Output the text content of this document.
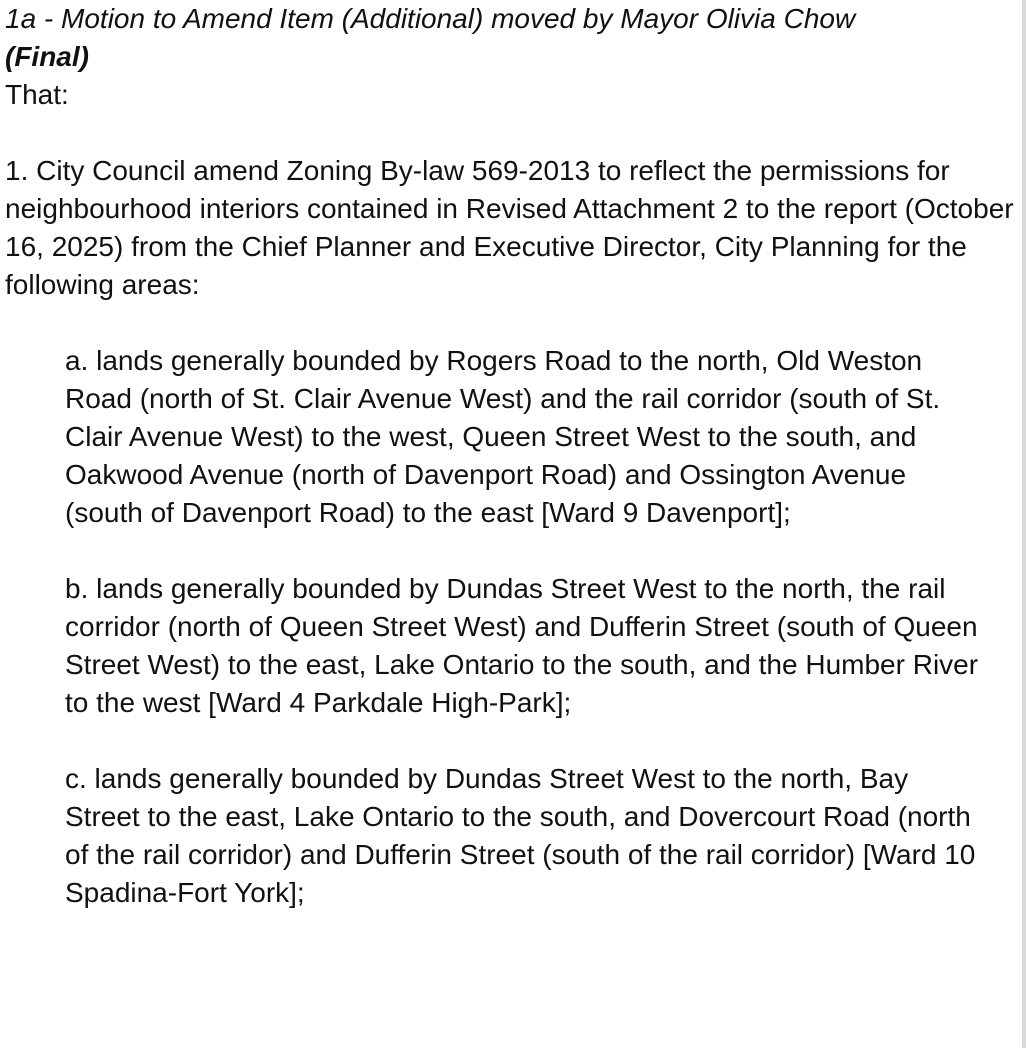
1a - Motion to Amend Item (Additional) moved by Mayor Olivia Chow

(Final)

That:

1. City Council amend Zoning By-law 569-2013 to reflect the permissions for neighbourhood interiors contained in Revised Attachment 2 to the report (October 16, 2025) from the Chief Planner and Executive Director, City Planning for the following areas:

a. lands generally bounded by Rogers Road to the north, Old Weston Road (north of St. Clair Avenue West) and the rail corridor (south of St. Clair Avenue West) to the west, Queen Street West to the south, and Oakwood Avenue (north of Davenport Road) and Ossington Avenue (south of Davenport Road) to the east [Ward 9 Davenport];

b. lands generally bounded by Dundas Street West to the north, the rail corridor (north of Queen Street West) and Dufferin Street (south of Queen Street West) to the east, Lake Ontario to the south, and the Humber River to the west [Ward 4 Parkdale High-Park];

c. lands generally bounded by Dundas Street West to the north, Bay Street to the east, Lake Ontario to the south, and Dovercourt Road (north of the rail corridor) and Dufferin Street (south of the rail corridor) [Ward 10 Spadina-Fort York];
